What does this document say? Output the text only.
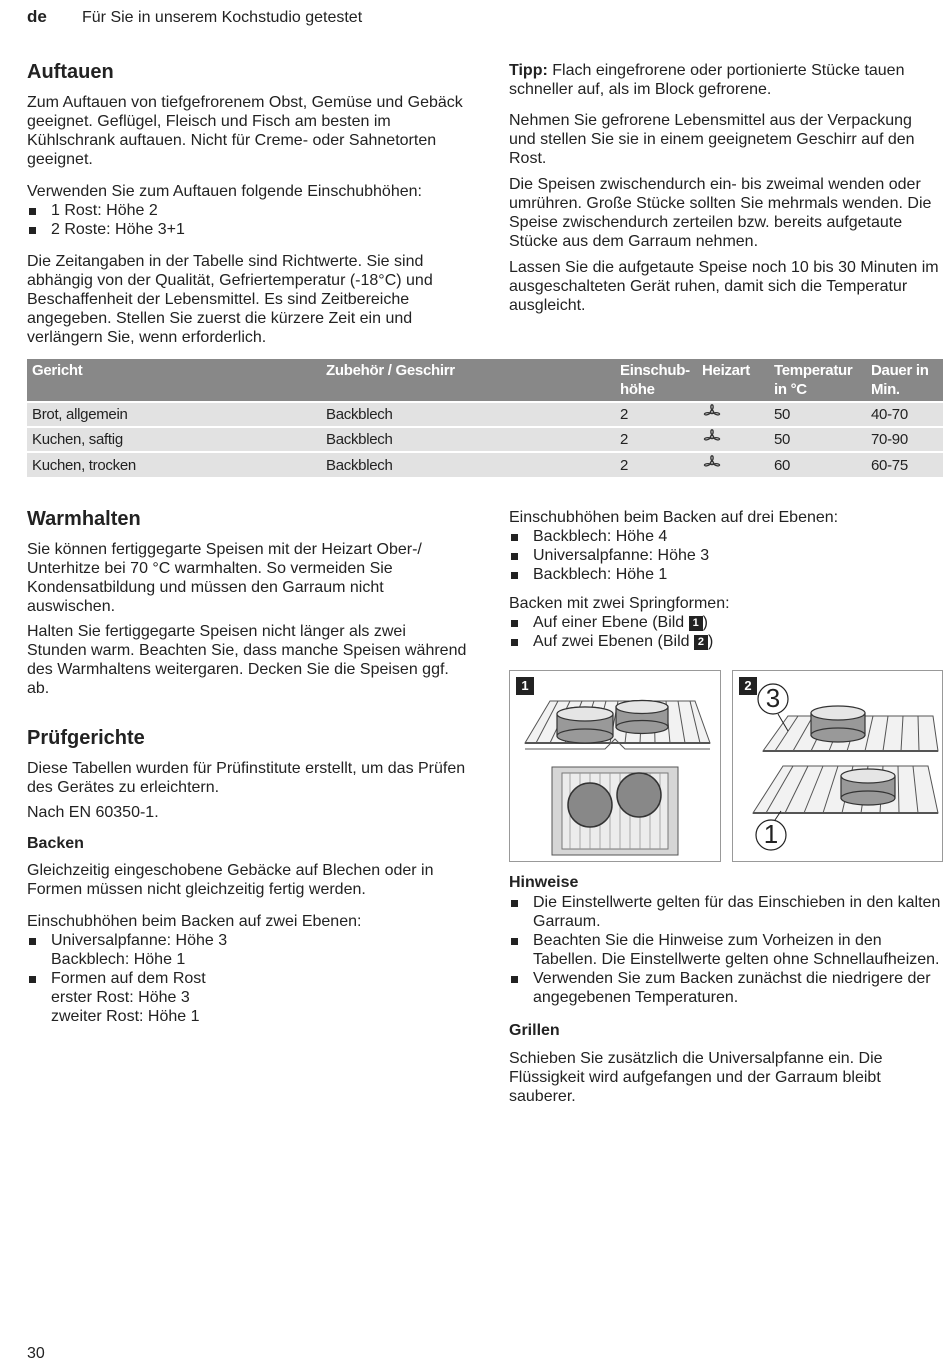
de Für Sie in unserem Kochstudio getestet
Auftauen

Zum Auftauen von tiefgefrorenem Obst, Gemüse und Gebäck geeignet. Geflügel, Fleisch und Fisch am besten im Kühlschrank auftauen. Nicht für Creme- oder Sahnetorten geeignet.

Verwenden Sie zum Auftauen folgende Einschubhöhen:

1 Rost: Höhe 2
2 Roste: Höhe 3+1

Die Zeitangaben in der Tabelle sind Richtwerte. Sie sind abhängig von der Qualität, Gefriertemperatur (-18°C) und Beschaffenheit der Lebensmittel. Es sind Zeitbereiche angegeben. Stellen Sie zuerst die kürzere Zeit ein und verlängern Sie, wenn erforderlich.

Tipp: Flach eingefrorene oder portionierte Stücke tauen schneller auf, als im Block gefrorene.

Nehmen Sie gefrorene Lebensmittel aus der Verpackung und stellen Sie sie in einem geeignetem Geschirr auf den Rost.

Die Speisen zwischendurch ein- bis zweimal wenden oder umrühren. Große Stücke sollten Sie mehrmals wenden. Die Speise zwischendurch zerteilen bzw. bereits aufgetaute Stücke aus dem Garraum nehmen.

Lassen Sie die aufgetaute Speise noch 10 bis 30 Minuten im ausgeschalteten Gerät ruhen, damit sich die Temperatur ausgleicht.

Gericht	Zubehör / Geschirr	Einschub- höhe	Heizart	Temperatur in °C	Dauer in Min.
Brot, allgemein	Backblech	2		50	40-70
Kuchen, saftig	Backblech	2		50	70-90
Kuchen, trocken	Backblech	2		60	60-75
Warmhalten

Sie können fertiggegarte Speisen mit der Heizart Ober-/ Unterhitze bei 70 °C warmhalten. So vermeiden Sie Kondensatbildung und müssen den Garraum nicht auswischen.

Halten Sie fertiggegarte Speisen nicht länger als zwei Stunden warm. Beachten Sie, dass manche Speisen während des Warmhaltens weitergaren. Decken Sie die Speisen ggf. ab.

Prüfgerichte

Diese Tabellen wurden für Prüfinstitute erstellt, um das Prüfen des Gerätes zu erleichtern.

Nach EN 60350-1.

Backen

Gleichzeitig eingeschobene Gebäcke auf Blechen oder in Formen müssen nicht gleichzeitig fertig werden.

Einschubhöhen beim Backen auf zwei Ebenen:

Universalpfanne: Höhe 3
Backblech: Höhe 1
Formen auf dem Rost
erster Rost: Höhe 3
zweiter Rost: Höhe 1

Einschubhöhen beim Backen auf drei Ebenen:

Backblech: Höhe 4
Universalpfanne: Höhe 3
Backblech: Höhe 1

Backen mit zwei Springformen:

Auf einer Ebene (Bild 1 )
Auf zwei Ebenen (Bild 2 )
1	2 3
1
Hinweise
Die Einstellwerte gelten für das Einschieben in den kalten Garraum.
Beachten Sie die Hinweise zum Vorheizen in den Tabellen. Die Einstellwerte gelten ohne Schnellaufheizen.
Verwenden Sie zum Backen zunächst die niedrigere der angegebenen Temperaturen.
Grillen

Schieben Sie zusätzlich die Universalpfanne ein. Die Flüssigkeit wird aufgefangen und der Garraum bleibt sauberer.

30
